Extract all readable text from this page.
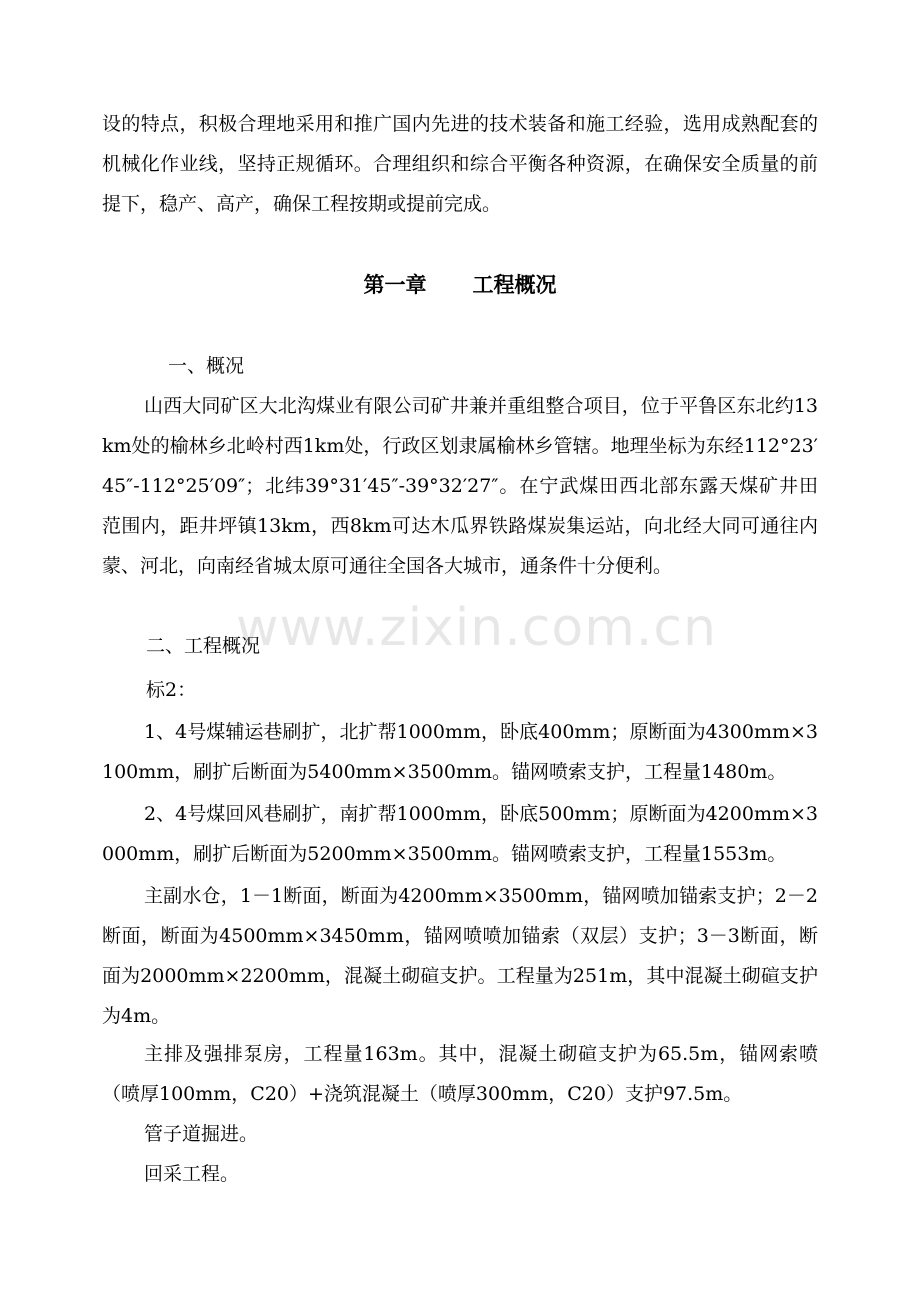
设的特点，积极合理地采用和推广国内先进的技术装备和施工经验，选用成熟配套的机械化作业线，坚持正规循环。合理组织和综合平衡各种资源，在确保安全质量的前提下，稳产、高产，确保工程按期或提前完成。
第一章 工程概况
一、概况
山西大同矿区大北沟煤业有限公司矿井兼并重组整合项目，位于平鲁区东北约13km处的榆林乡北岭村西1km处，行政区划隶属榆林乡管辖。地理坐标为东经112°23′45″-112°25′09″；北纬39°31′45″-39°32′27″。在宁武煤田西北部东露天煤矿井田范围内，距井坪镇13km，西8km可达木瓜界铁路煤炭集运站，向北经大同可通往内蒙、河北，向南经省城太原可通往全国各大城市，通条件十分便利。
二、工程概况
标2：
1、4号煤辅运巷刷扩，北扩帮1000mm，卧底400mm；原断面为4300mm×3100mm，刷扩后断面为5400mm×3500mm。锚网喷索支护，工程量1480m。
2、4号煤回风巷刷扩，南扩帮1000mm，卧底500mm；原断面为4200mm×3000mm，刷扩后断面为5200mm×3500mm。锚网喷索支护，工程量1553m。
主副水仓，1－1断面，断面为4200mm×3500mm，锚网喷加锚索支护；2－2断面，断面为4500mm×3450mm，锚网喷喷加锚索（双层）支护；3－3断面，断面为2000mm×2200mm，混凝土砌碹支护。工程量为251m，其中混凝土砌碹支护为4m。
主排及强排泵房，工程量163m。其中，混凝土砌碹支护为65.5m，锚网索喷（喷厚100mm，C20）+浇筑混凝土（喷厚300mm，C20）支护97.5m。
管子道掘进。
回采工程。
www.zixin.com.cn
